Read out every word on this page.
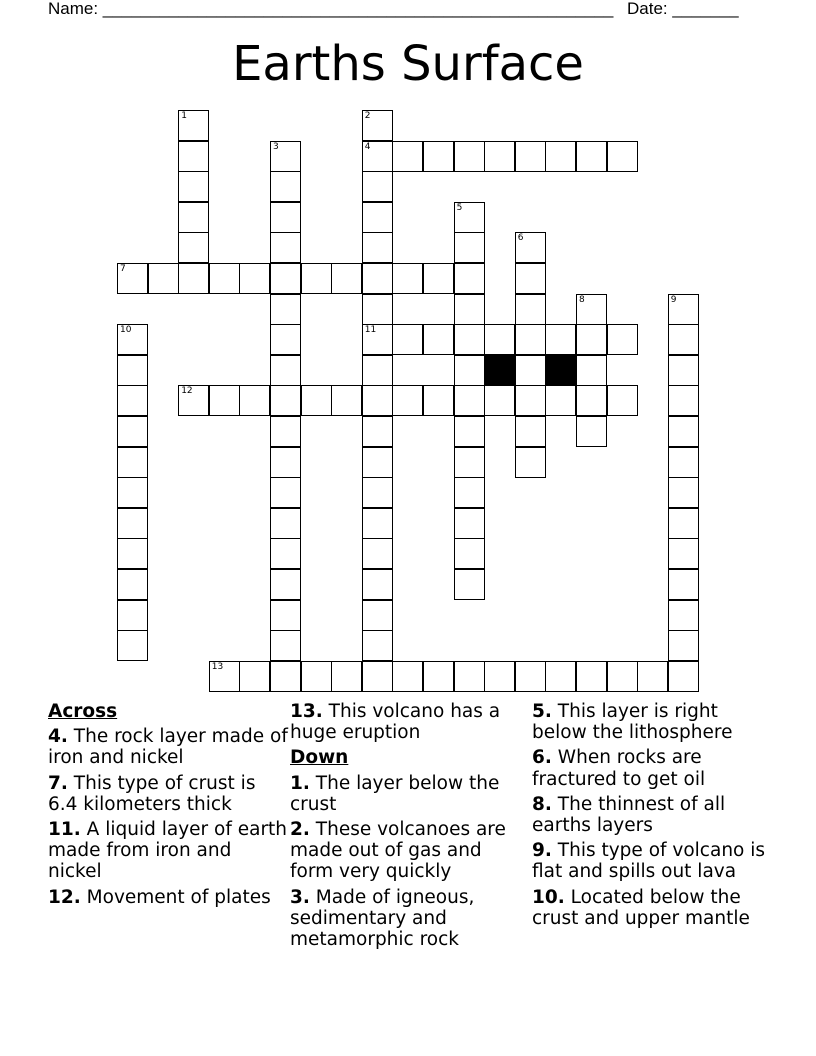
Name: ______________________________________________________ Date: _______
Earths Surface
1	2
4
11
3
5
6
7
8	9
10
12
13
Across
4. The rock layer made of iron and nickel
7. This type of crust is 6.4 kilometers thick
11. A liquid layer of earth made from iron and nickel
12. Movement of plates
13. This volcano has a huge eruption
Down
1. The layer below the crust
2. These volcanoes are made out of gas and form very quickly
3. Made of igneous, sedimentary and metamorphic rock
5. This layer is right below the lithosphere
6. When rocks are fractured to get oil
8. The thinnest of all earths layers
9. This type of volcano is flat and spills out lava
10. Located below the crust and upper mantle
